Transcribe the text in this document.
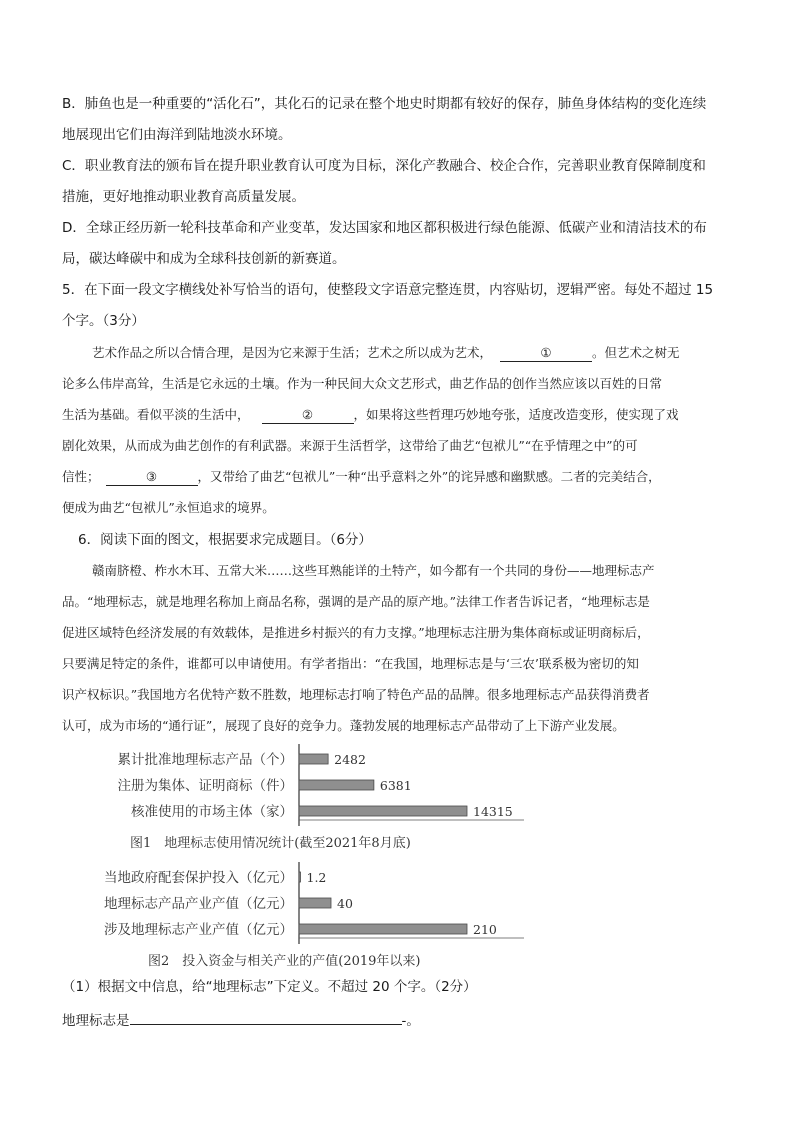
B．肺鱼也是一种重要的“活化石”，其化石的记录在整个地史时期都有较好的保存，肺鱼身体结构的变化连续
地展现出它们由海洋到陆地淡水环境。
C．职业教育法的颁布旨在提升职业教育认可度为目标，深化产教融合、校企合作，完善职业教育保障制度和
措施，更好地推动职业教育高质量发展。
D．全球正经历新一轮科技革命和产业变革，发达国家和地区都积极进行绿色能源、低碳产业和清洁技术的布
局，碳达峰碳中和成为全球科技创新的新赛道。
5．在下面一段文字横线处补写恰当的语句，使整段文字语意完整连贯，内容贴切，逻辑严密。每处不超过 15
个字。（3分）
艺术作品之所以合情合理，是因为它来源于生活；艺术之所以成为艺术，	①	。但艺术之树无
论多么伟岸高耸，生活是它永远的土壤。作为一种民间大众文艺形式，曲艺作品的创作当然应该以百姓的日常
生活为基础。看似平淡的生活中，	②	，如果将这些哲理巧妙地夸张，适度改造变形，使实现了戏
剧化效果，从而成为曲艺创作的有利武器。来源于生活哲学，这带给了曲艺“包袱儿”“在乎情理之中”的可
信性；	③	，又带给了曲艺“包袱儿”一种“出乎意料之外”的诧异感和幽默感。二者的完美结合，
便成为曲艺“包袱儿”永恒追求的境界。
6．阅读下面的图文，根据要求完成题目。（6分）
赣南脐橙、柞水木耳、五常大米……这些耳熟能详的土特产，如今都有一个共同的身份——地理标志产
品。“地理标志，就是地理名称加上商品名称，强调的是产品的原产地。”法律工作者告诉记者，“地理标志是
促进区域特色经济发展的有效载体，是推进乡村振兴的有力支撑。”地理标志注册为集体商标或证明商标后，
只要满足特定的条件，谁都可以申请使用。有学者指出：“在我国，地理标志是与‘三农’联系极为密切的知
识产权标识。”我国地方名优特产数不胜数，地理标志打响了特色产品的品牌。很多地理标志产品获得消费者
认可，成为市场的“通行证”，展现了良好的竞争力。蓬勃发展的地理标志产品带动了上下游产业发展。
累计批准地理标志产品（个）	2482
注册为集体、证明商标（件）	6381
核准使用的市场主体（家）	14315
图1　地理标志使用情况统计(截至2021年8月底)
当地政府配套保护投入（亿元） 1.2
地理标志产品产业产值（亿元）	40
涉及地理标志产业产值（亿元）	210
图2　投入资金与相关产业的产值(2019年以来)
（1）根据文中信息，给“地理标志”下定义。不超过 20 个字。（2分）
地理标志是	-。
